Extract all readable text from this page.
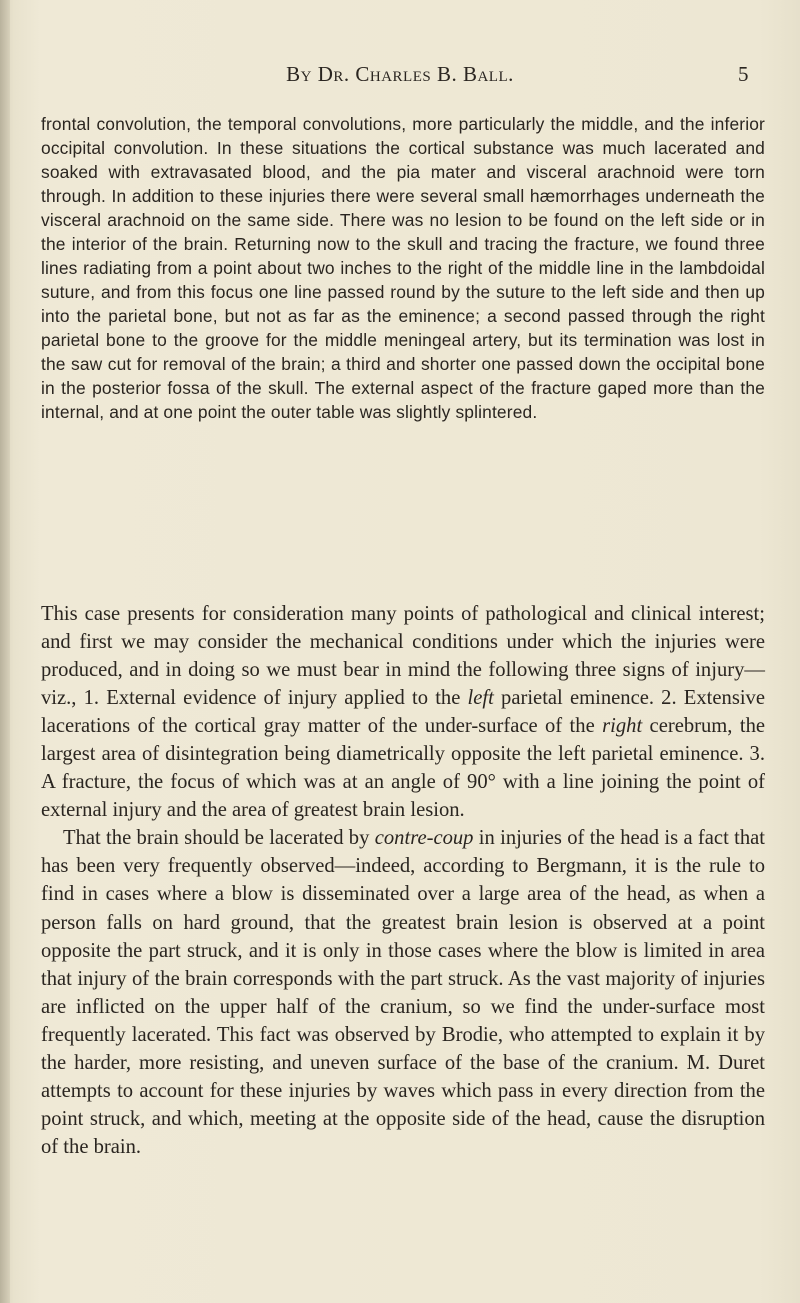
By Dr. Charles B. Ball.	5

frontal convolution, the temporal convolutions, more particularly the middle, and the inferior occipital convolution. In these situations the cortical substance was much lacerated and soaked with extravasated blood, and the pia mater and visceral arachnoid were torn through. In addition to these injuries there were several small hæmorrhages underneath the visceral arachnoid on the same side. There was no lesion to be found on the left side or in the interior of the brain. Returning now to the skull and tracing the fracture, we found three lines radiating from a point about two inches to the right of the middle line in the lambdoidal suture, and from this focus one line passed round by the suture to the left side and then up into the parietal bone, but not as far as the eminence; a second passed through the right parietal bone to the groove for the middle meningeal artery, but its termination was lost in the saw cut for removal of the brain; a third and shorter one passed down the occipital bone in the posterior fossa of the skull. The external aspect of the fracture gaped more than the internal, and at one point the outer table was slightly splintered.

This case presents for consideration many points of pathological and clinical interest; and first we may consider the mechanical conditions under which the injuries were produced, and in doing so we must bear in mind the following three signs of injury—viz., 1. External evidence of injury applied to the left parietal eminence. 2. Extensive lacerations of the cortical gray matter of the under-surface of the right cerebrum, the largest area of disintegration being diametrically opposite the left parietal eminence. 3. A fracture, the focus of which was at an angle of 90° with a line joining the point of external injury and the area of greatest brain lesion.

That the brain should be lacerated by contre-coup in injuries of the head is a fact that has been very frequently observed—indeed, according to Bergmann, it is the rule to find in cases where a blow is disseminated over a large area of the head, as when a person falls on hard ground, that the greatest brain lesion is observed at a point opposite the part struck, and it is only in those cases where the blow is limited in area that injury of the brain corresponds with the part struck. As the vast majority of injuries are inflicted on the upper half of the cranium, so we find the under-surface most frequently lacerated. This fact was observed by Brodie, who attempted to explain it by the harder, more resisting, and uneven surface of the base of the cranium. M. Duret attempts to account for these injuries by waves which pass in every direction from the point struck, and which, meeting at the opposite side of the head, cause the disruption of the brain.
